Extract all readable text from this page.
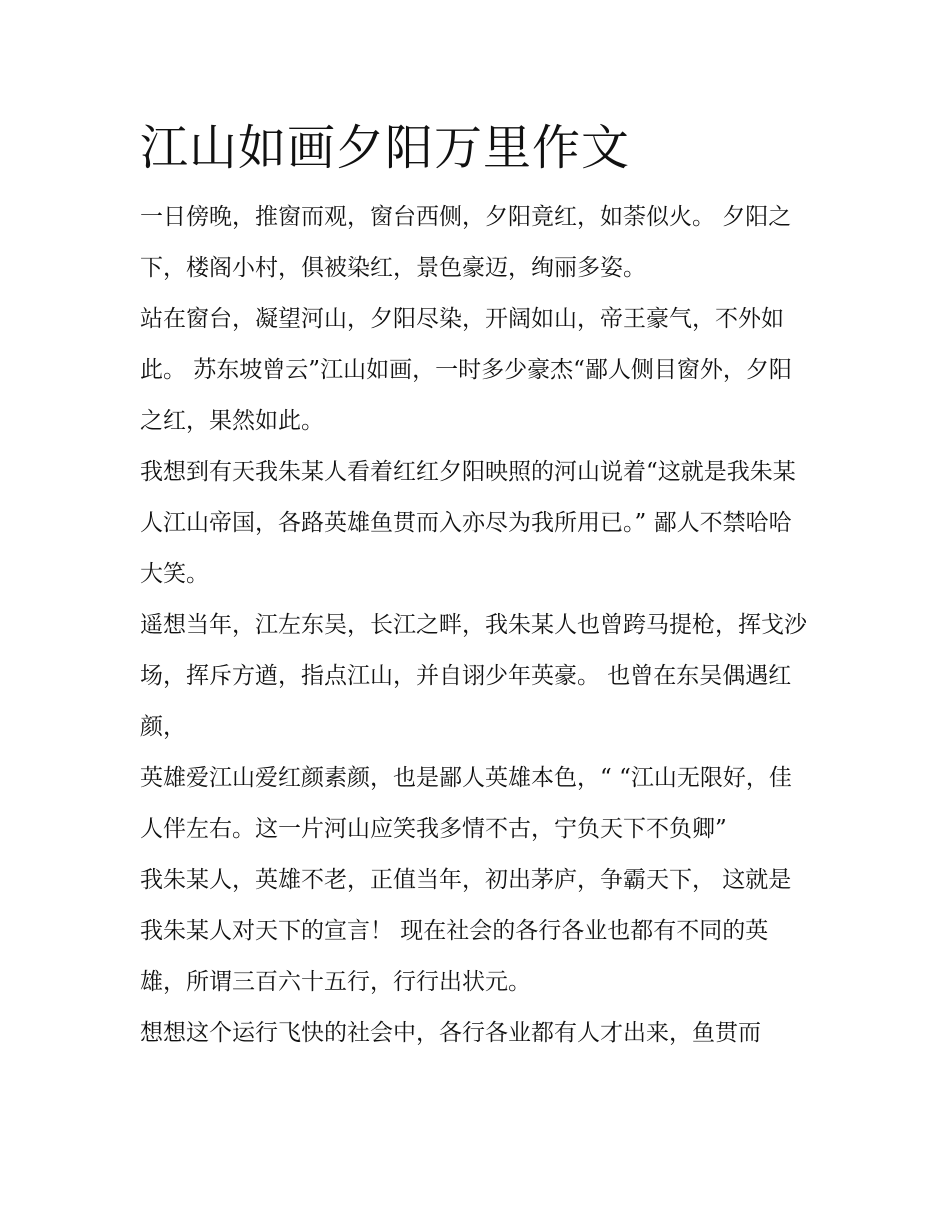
江山如画夕阳万里作文

一日傍晚，推窗而观，窗台西侧，夕阳竟红，如荼似火。 夕阳之下，楼阁小村，俱被染红，景色豪迈，绚丽多姿。

站在窗台，凝望河山，夕阳尽染，开阔如山，帝王豪气，不外如此。 苏东坡曾云”江山如画，一时多少豪杰“鄙人侧目窗外，夕阳之红，果然如此。

我想到有天我朱某人看着红红夕阳映照的河山说着“这就是我朱某人江山帝国，各路英雄鱼贯而入亦尽为我所用已。” 鄙人不禁哈哈大笑。

遥想当年，江左东吴，长江之畔，我朱某人也曾跨马提枪，挥戈沙场，挥斥方遒，指点江山，并自诩少年英豪。 也曾在东吴偶遇红颜，

英雄爱江山爱红颜素颜，也是鄙人英雄本色，“ “江山无限好，佳人伴左右。这一片河山应笑我多情不古，宁负天下不负卿”

我朱某人，英雄不老，正值当年，初出茅庐，争霸天下， 这就是我朱某人对天下的宣言！ 现在社会的各行各业也都有不同的英雄，所谓三百六十五行，行行出状元。

想想这个运行飞快的社会中，各行各业都有人才出来，鱼贯而
